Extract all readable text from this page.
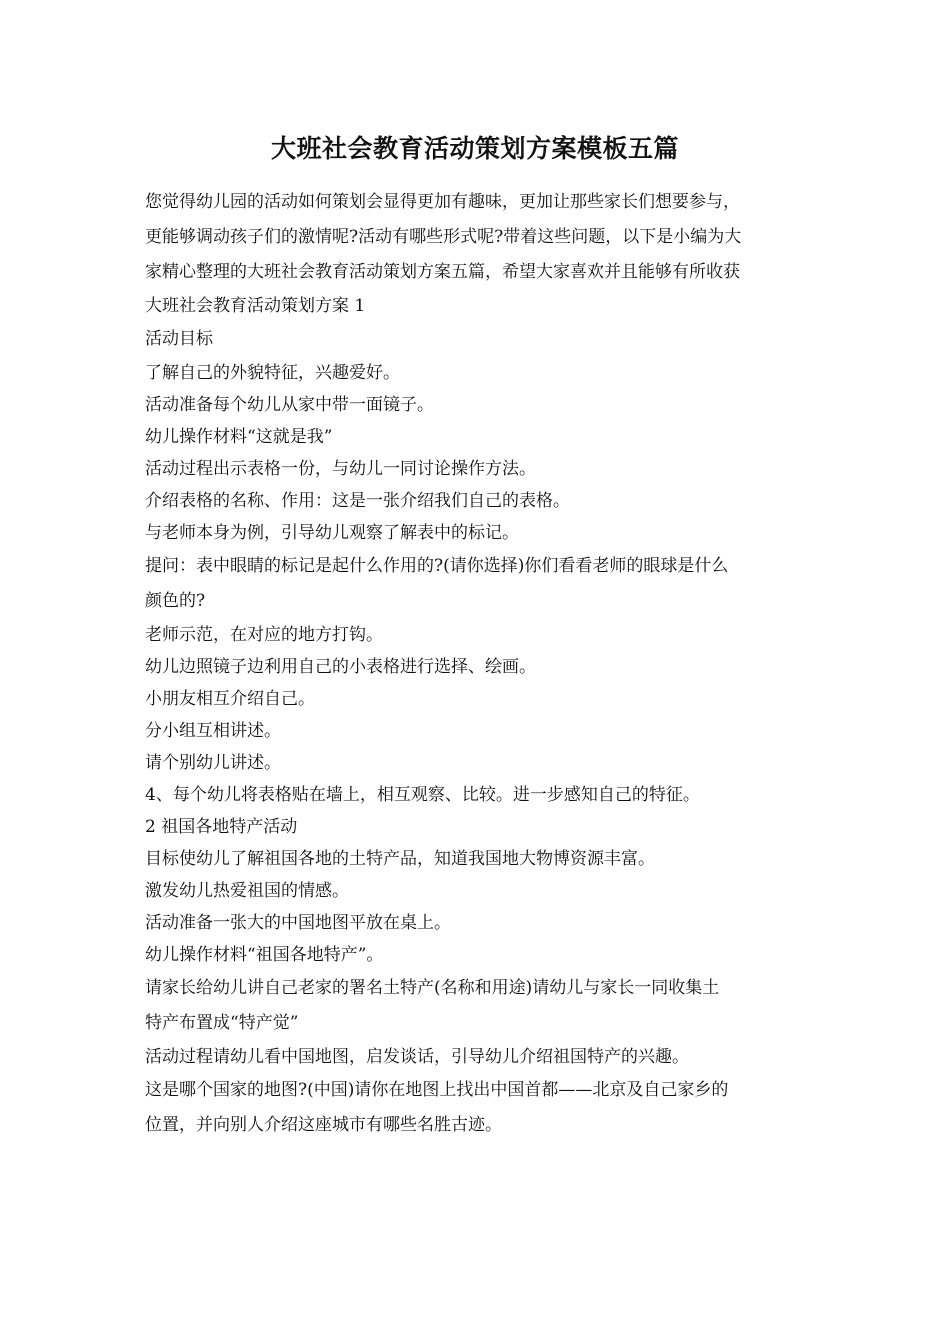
大班社会教育活动策划方案模板五篇
您觉得幼儿园的活动如何策划会显得更加有趣味，更加让那些家长们想要参与，
更能够调动孩子们的激情呢?活动有哪些形式呢?带着这些问题，以下是小编为大
家精心整理的大班社会教育活动策划方案五篇，希望大家喜欢并且能够有所收获
大班社会教育活动策划方案 1
活动目标
了解自己的外貌特征，兴趣爱好。
活动准备每个幼儿从家中带一面镜子。
幼儿操作材料“这就是我”
活动过程出示表格一份，与幼儿一同讨论操作方法。
介绍表格的名称、作用：这是一张介绍我们自己的表格。
与老师本身为例，引导幼儿观察了解表中的标记。
提问：表中眼睛的标记是起什么作用的?(请你选择)你们看看老师的眼球是什么
颜色的?
老师示范，在对应的地方打钩。
幼儿边照镜子边利用自己的小表格进行选择、绘画。
小朋友相互介绍自己。
分小组互相讲述。
请个别幼儿讲述。
4、每个幼儿将表格贴在墙上，相互观察、比较。进一步感知自己的特征。
2 祖国各地特产活动
目标使幼儿了解祖国各地的土特产品，知道我国地大物博资源丰富。
激发幼儿热爱祖国的情感。
活动准备一张大的中国地图平放在桌上。
幼儿操作材料“祖国各地特产”。
请家长给幼儿讲自己老家的署名土特产(名称和用途)请幼儿与家长一同收集土
特产布置成“特产觉”
活动过程请幼儿看中国地图，启发谈话，引导幼儿介绍祖国特产的兴趣。
这是哪个国家的地图?(中国)请你在地图上找出中国首都——北京及自己家乡的
位置，并向别人介绍这座城市有哪些名胜古迹。
